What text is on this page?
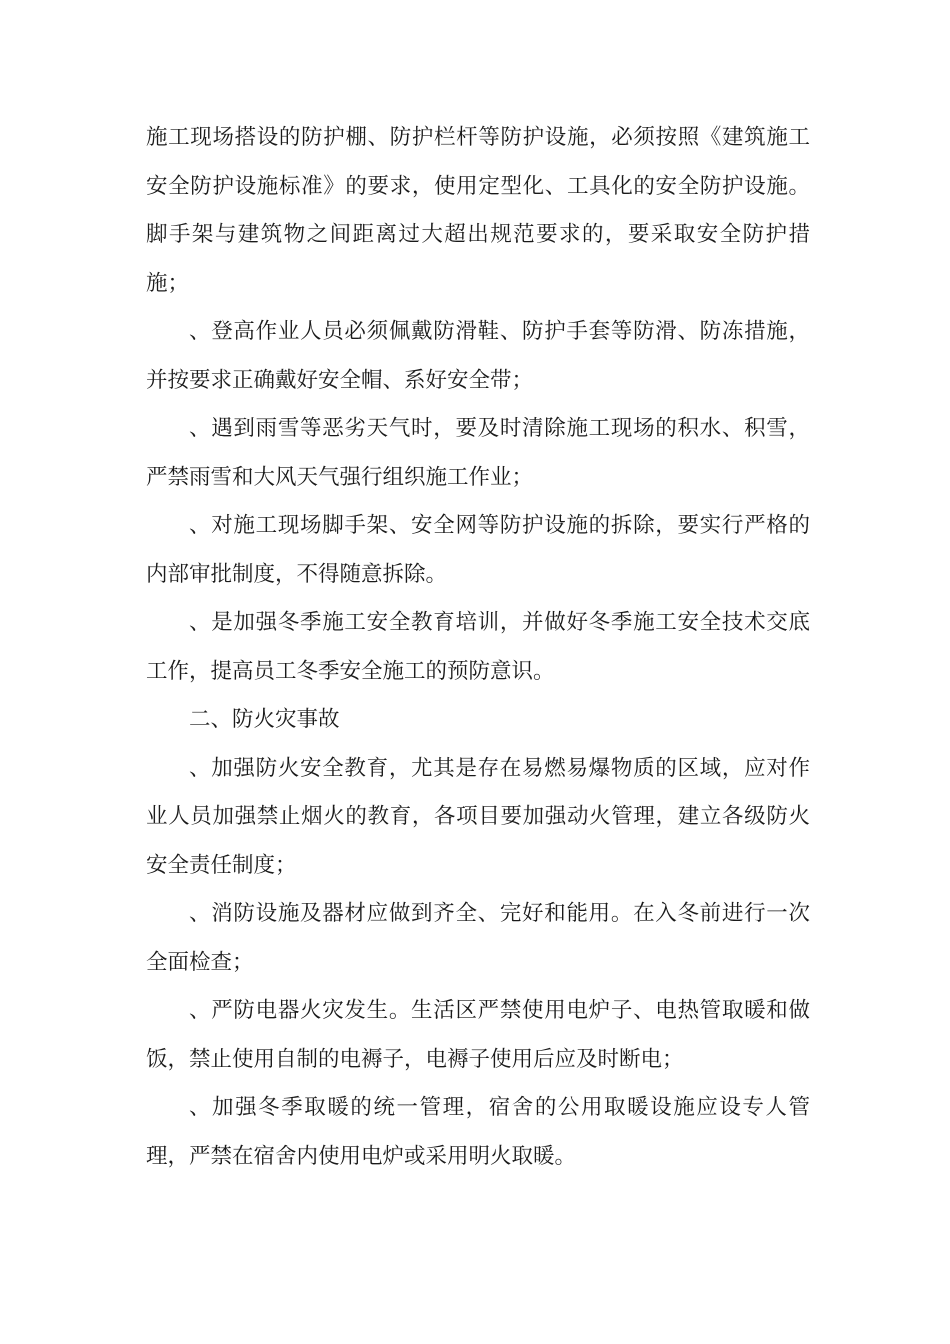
施工现场搭设的防护棚、防护栏杆等防护设施，必须按照《建筑施工安全防护设施标准》的要求，使用定型化、工具化的安全防护设施。脚手架与建筑物之间距离过大超出规范要求的，要采取安全防护措施；

、登高作业人员必须佩戴防滑鞋、防护手套等防滑、防冻措施，并按要求正确戴好安全帽、系好安全带；

、遇到雨雪等恶劣天气时，要及时清除施工现场的积水、积雪，严禁雨雪和大风天气强行组织施工作业；

、对施工现场脚手架、安全网等防护设施的拆除，要实行严格的内部审批制度，不得随意拆除。

、是加强冬季施工安全教育培训，并做好冬季施工安全技术交底工作，提高员工冬季安全施工的预防意识。

二、防火灾事故

、加强防火安全教育，尤其是存在易燃易爆物质的区域，应对作业人员加强禁止烟火的教育，各项目要加强动火管理，建立各级防火安全责任制度；

、消防设施及器材应做到齐全、完好和能用。在入冬前进行一次全面检查；

、严防电器火灾发生。生活区严禁使用电炉子、电热管取暖和做饭，禁止使用自制的电褥子，电褥子使用后应及时断电；

、加强冬季取暖的统一管理，宿舍的公用取暖设施应设专人管理，严禁在宿舍内使用电炉或采用明火取暖。
